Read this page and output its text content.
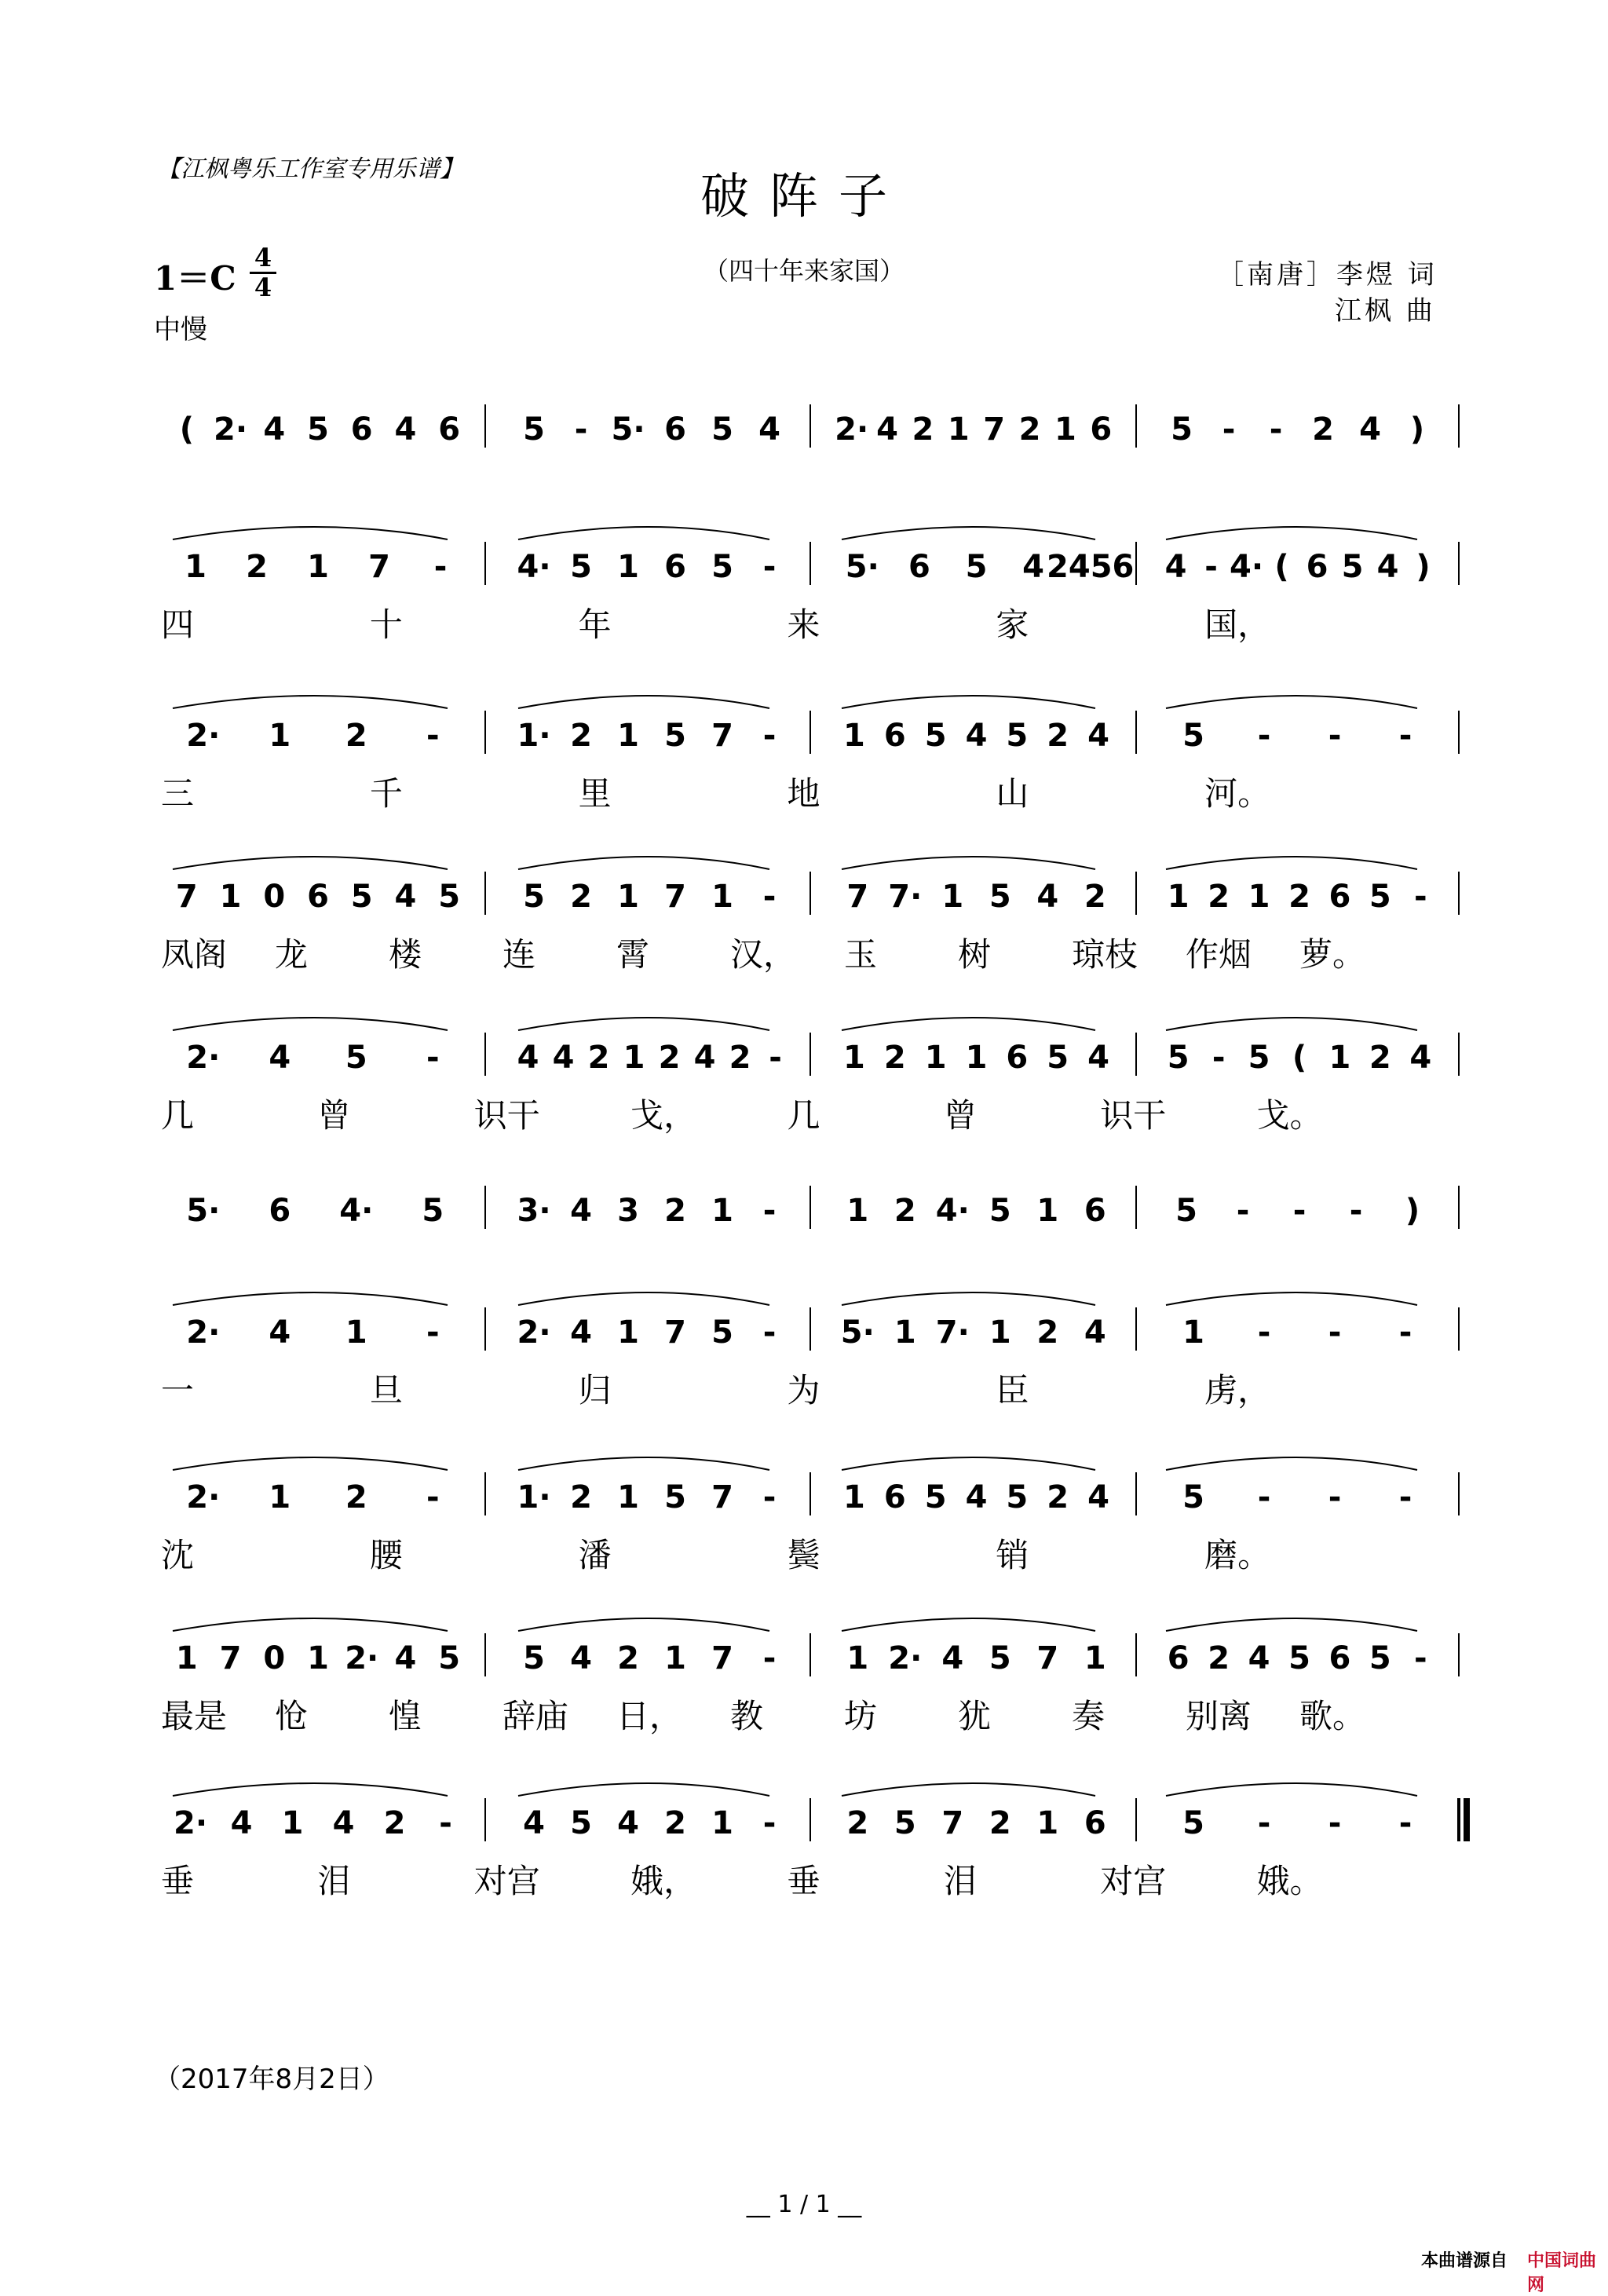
【江枫粤乐工作室专用乐谱】	破阵子
（四十年来家国）
1＝C
4
4
中慢
［南唐］李煜 词
江枫 曲
( 2· 4 5 6 4 6 5 - 5· 6 5 4 2· 4 2 1 7 2 1 6 5 - - 2 4 )
1 2 1 7 - 4· 5 1 6 5 - 5· 6 5 4 2456 4 - 4· ( 6 5 4 )
四	十	年	来	家	国，
2· 1 2 - 1· 2 1 5 7 - 1 6 5 4 5 2 4 5 - - -
三	千	里	地	山	河。
7 1 0 6 5 4 5 5 2 1 7 1 - 7 7· 1 5 4 2 1 2 1 2 6 5 -
凤阁 龙 楼 连 霄 汉， 玉 树 琼枝 作烟 萝。
2· 4 5 - 4 4 2 1 2 4 2 - 1 2 1 1 6 5 4 5 - 5 ( 1 2 4
几	曾	识干	戈，	几	曾	识干	戈。
5· 6 4· 5 3· 4 3 2 1 - 1 2 4· 5 1 6 5 - - - )
2· 4 1 - 2· 4 1 7 5 - 5· 1 7· 1 2 4 1 - - -
一	旦	归	为	臣	虏，
2· 1 2 - 1· 2 1 5 7 - 1 6 5 4 5 2 4 5 - - -
沈	腰	潘	鬓	销	磨。
1 7 0 1 2· 4 5 5 4 2 1 7 - 1 2· 4 5 7 1 6 2 4 5 6 5 -
最是 怆 惶 辞庙 日， 教 坊 犹 奏 别离 歌。
2· 4 1 4 2 - 4 5 4 2 1 - 2 5 7 2 1 6 5 - - -
垂	泪	对宫	娥，	垂	泪	对宫	娥。
（2017年8月2日）
__ 1 / 1 __
本曲谱源自 中国词曲网
